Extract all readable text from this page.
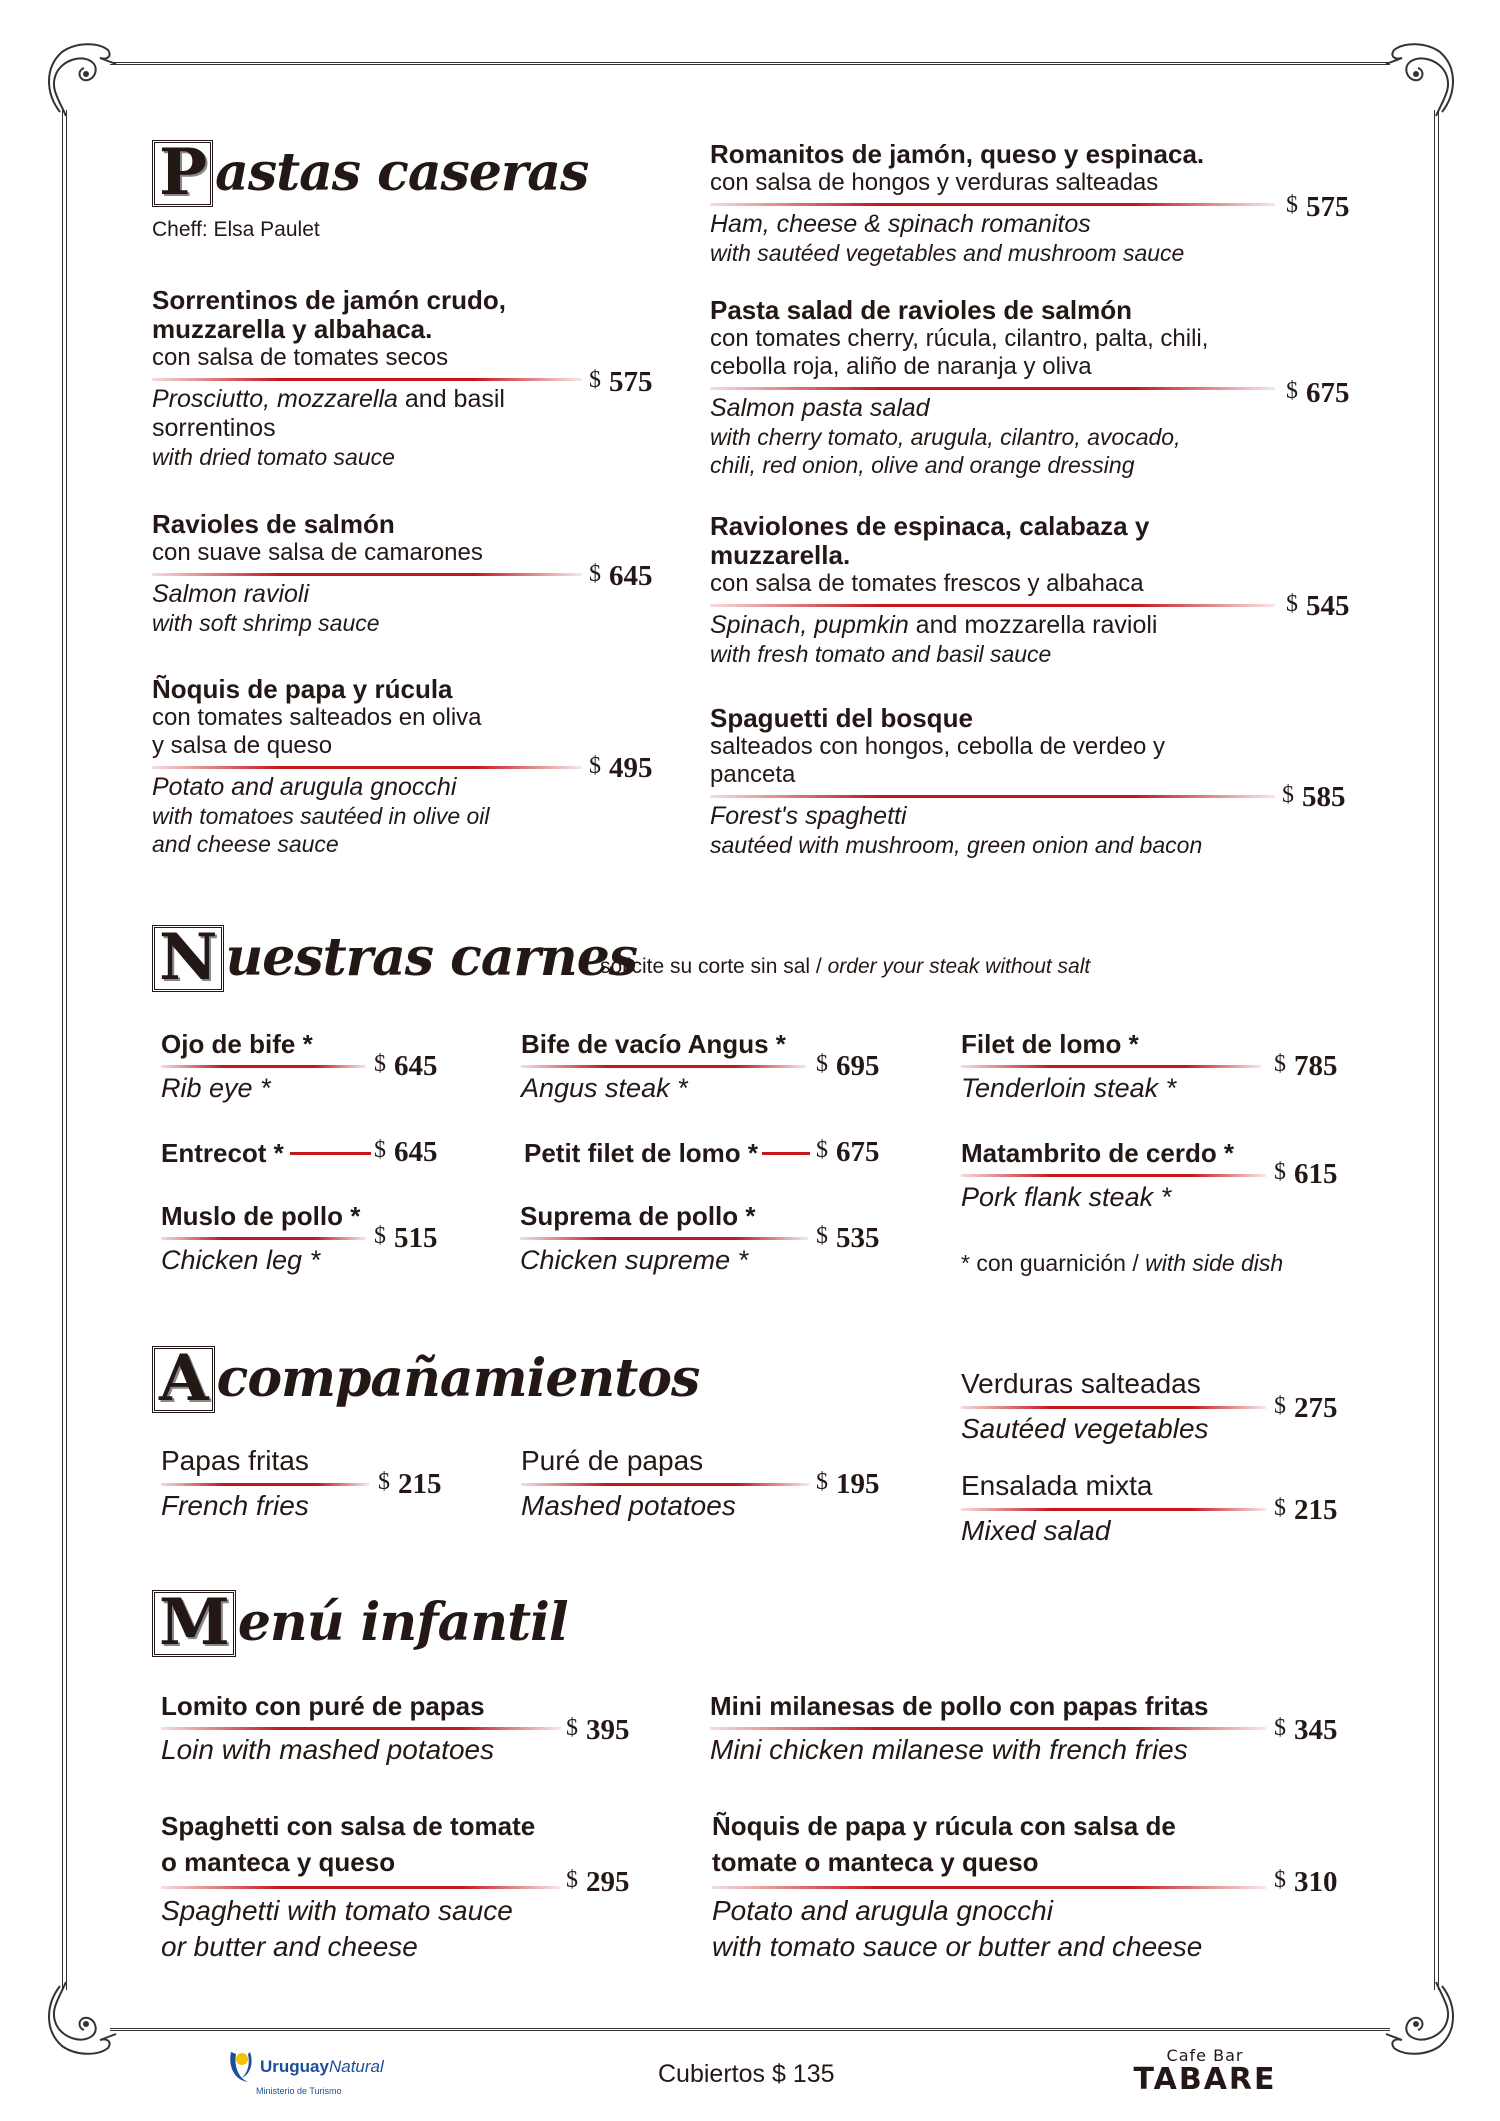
P astas caseras
Cheff: Elsa Paulet
Sorrentinos de jamón crudo,
muzzarella y albahaca.
con salsa de tomates secos
Prosciutto, mozzarella and basil
sorrentinos
with dried tomato sauce
$ 575
Ravioles de salmón
con suave salsa de camarones
Salmon ravioli
with soft shrimp sauce
$ 645
Ñoquis de papa y rúcula
con tomates salteados en oliva
y salsa de queso
Potato and arugula gnocchi
with tomatoes sautéed in olive oil
and cheese sauce
$ 495
Romanitos de jamón, queso y espinaca.
con salsa de hongos y verduras salteadas
Ham, cheese & spinach romanitos
with sautéed vegetables and mushroom sauce
$ 575
Pasta salad de ravioles de salmón
con tomates cherry, rúcula, cilantro, palta, chili,
cebolla roja, aliño de naranja y oliva
Salmon pasta salad
with cherry tomato, arugula, cilantro, avocado,
chili, red onion, olive and orange dressing
$ 675
Raviolones de espinaca, calabaza y
muzzarella.
con salsa de tomates frescos y albahaca
Spinach, pupmkin and mozzarella ravioli
with fresh tomato and basil sauce
$ 545
Spaguetti del bosque
salteados con hongos, cebolla de verdeo y
panceta
Forest's spaghetti
sautéed with mushroom, green onion and bacon
$ 585
N uestras carnes
solicite su corte sin sal / order your steak without salt
Ojo de bife *
Rib eye *
$ 645
Bife de vacío Angus *
Angus steak *
$ 695
Filet de lomo *
Tenderloin steak *
$ 785
Entrecot *	$ 645	Petit filet de lomo * $ 675	Matambrito de cerdo *
Pork flank steak *
$ 615
Muslo de pollo *
Chicken leg *
$ 515
Suprema de pollo *
Chicken supreme *
$ 535
* con guarnición / with side dish
A compañamientos
Papas fritas
French fries
$ 215
Puré de papas
Mashed potatoes
$ 195
Verduras salteadas
Sautéed vegetables
$ 275
Ensalada mixta
Mixed salad
$ 215
M enú infantil
Lomito con puré de papas
Loin with mashed potatoes
$ 395
Mini milanesas de pollo con papas fritas
Mini chicken milanese with french fries
$ 345
Spaghetti con salsa de tomate
o manteca y queso
Spaghetti with tomato sauce
or butter and cheese
$ 295
Ñoquis de papa y rúcula con salsa de
tomate o manteca y queso
Potato and arugula gnocchi
with tomato sauce or butter and cheese
$ 310
UruguayNatural
Ministerio de Turismo
Cubiertos $ 135
Cafe Bar
TABARE
